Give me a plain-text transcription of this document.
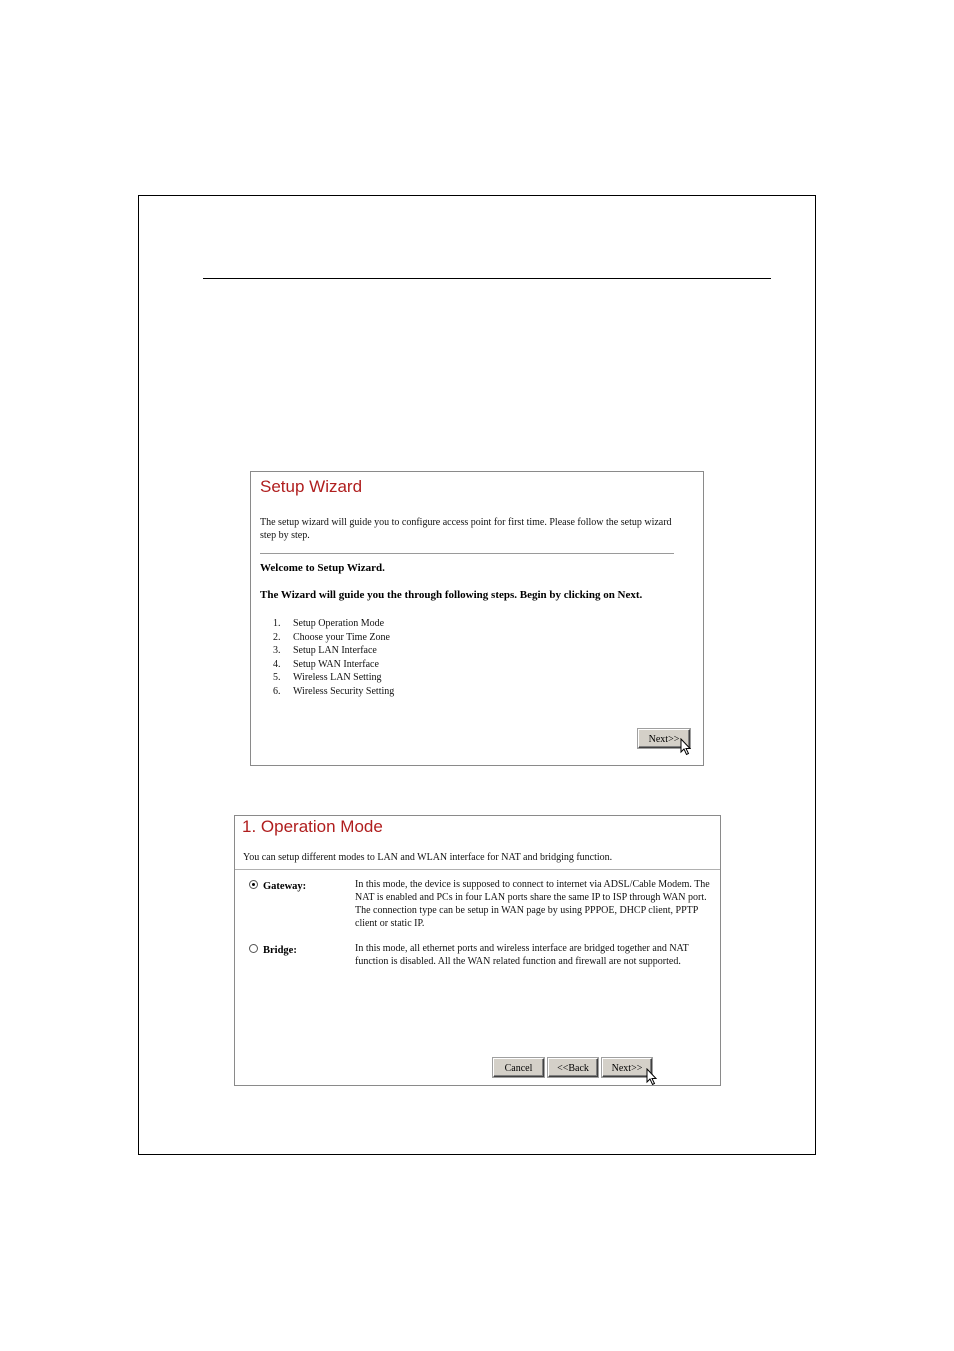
Setup Wizard
The setup wizard will guide you to configure access point for first time. Please follow the setup wizard step by step.
Welcome to Setup Wizard.
The Wizard will guide you the through following steps. Begin by clicking on Next.
1.	Setup Operation Mode
2.	Choose your Time Zone
3.	Setup LAN Interface
4.	Setup WAN Interface
5.	Wireless LAN Setting
6.	Wireless Security Setting
Next>>
1. Operation Mode
You can setup different modes to LAN and WLAN interface for NAT and bridging function.
Gateway:	In this mode, the device is supposed to connect to internet via ADSL/Cable Modem. The NAT is enabled and PCs in four LAN ports share the same IP to ISP through WAN port. The connection type can be setup in WAN page by using PPPOE, DHCP client, PPTP client or static IP.
Bridge:	In this mode, all ethernet ports and wireless interface are bridged together and NAT function is disabled. All the WAN related function and firewall are not supported.
Cancel	<<Back	Next>>
